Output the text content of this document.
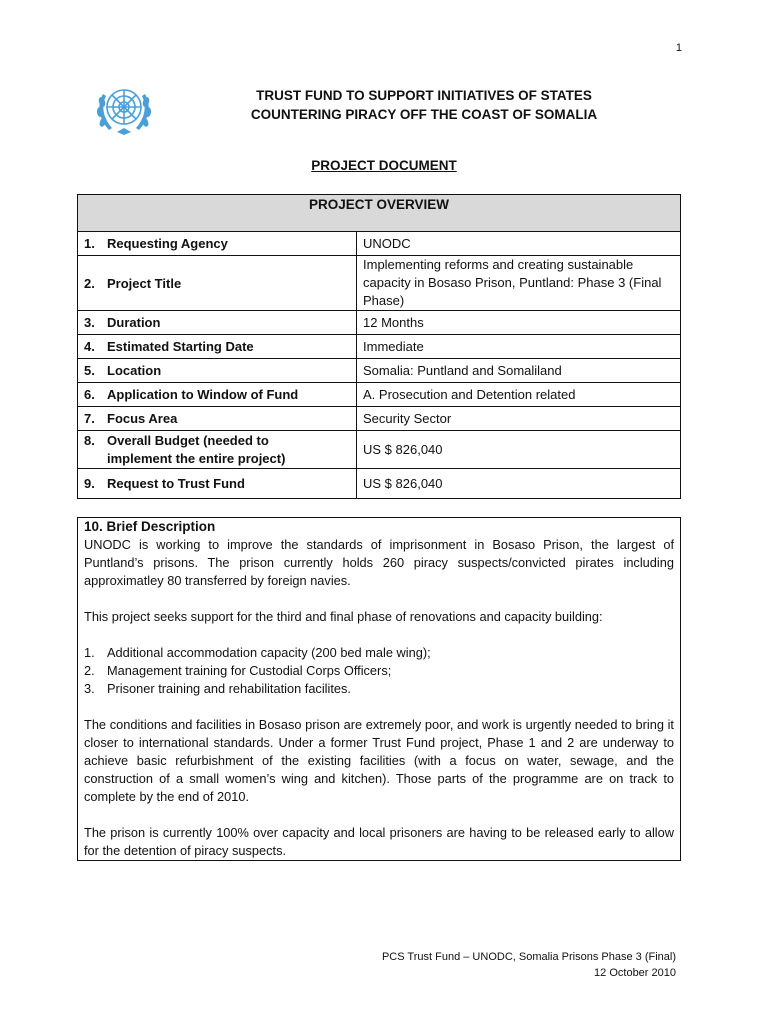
1
TRUST FUND TO SUPPORT INITIATIVES OF STATES
COUNTERING PIRACY OFF THE COAST OF SOMALIA
PROJECT DOCUMENT
PROJECT OVERVIEW	
1. Requesting Agency	UNODC
2. Project Title	Implementing reforms and creating sustainable capacity in Bosaso Prison, Puntland: Phase 3 (Final Phase)
3. Duration	12 Months
4. Estimated Starting Date	Immediate
5. Location	Somalia: Puntland and Somaliland
6. Application to Window of Fund	A. Prosecution and Detention related
7. Focus Area	Security Sector
8. Overall Budget (needed to
implement the entire project)	US $ 826,040
9. Request to Trust Fund	US $ 826,040
10. Brief Description

UNODC is working to improve the standards of imprisonment in Bosaso Prison, the largest of Puntland’s prisons. The prison currently holds 260 piracy suspects/convicted pirates including approximatley 80 transferred by foreign navies.

This project seeks support for the third and final phase of renovations and capacity building:

1. Additional accommodation capacity (200 bed male wing);
2. Management training for Custodial Corps Officers;
3. Prisoner training and rehabilitation facilites.

The conditions and facilities in Bosaso prison are extremely poor, and work is urgently needed to bring it closer to international standards. Under a former Trust Fund project, Phase 1 and 2 are underway to achieve basic refurbishment of the existing facilities (with a focus on water, sewage, and the construction of a small women’s wing and kitchen). Those parts of the programme are on track to complete by the end of 2010.

The prison is currently 100% over capacity and local prisoners are having to be released early to allow for the detention of piracy suspects.

PCS Trust Fund – UNODC, Somalia Prisons Phase 3 (Final)
12 October 2010
